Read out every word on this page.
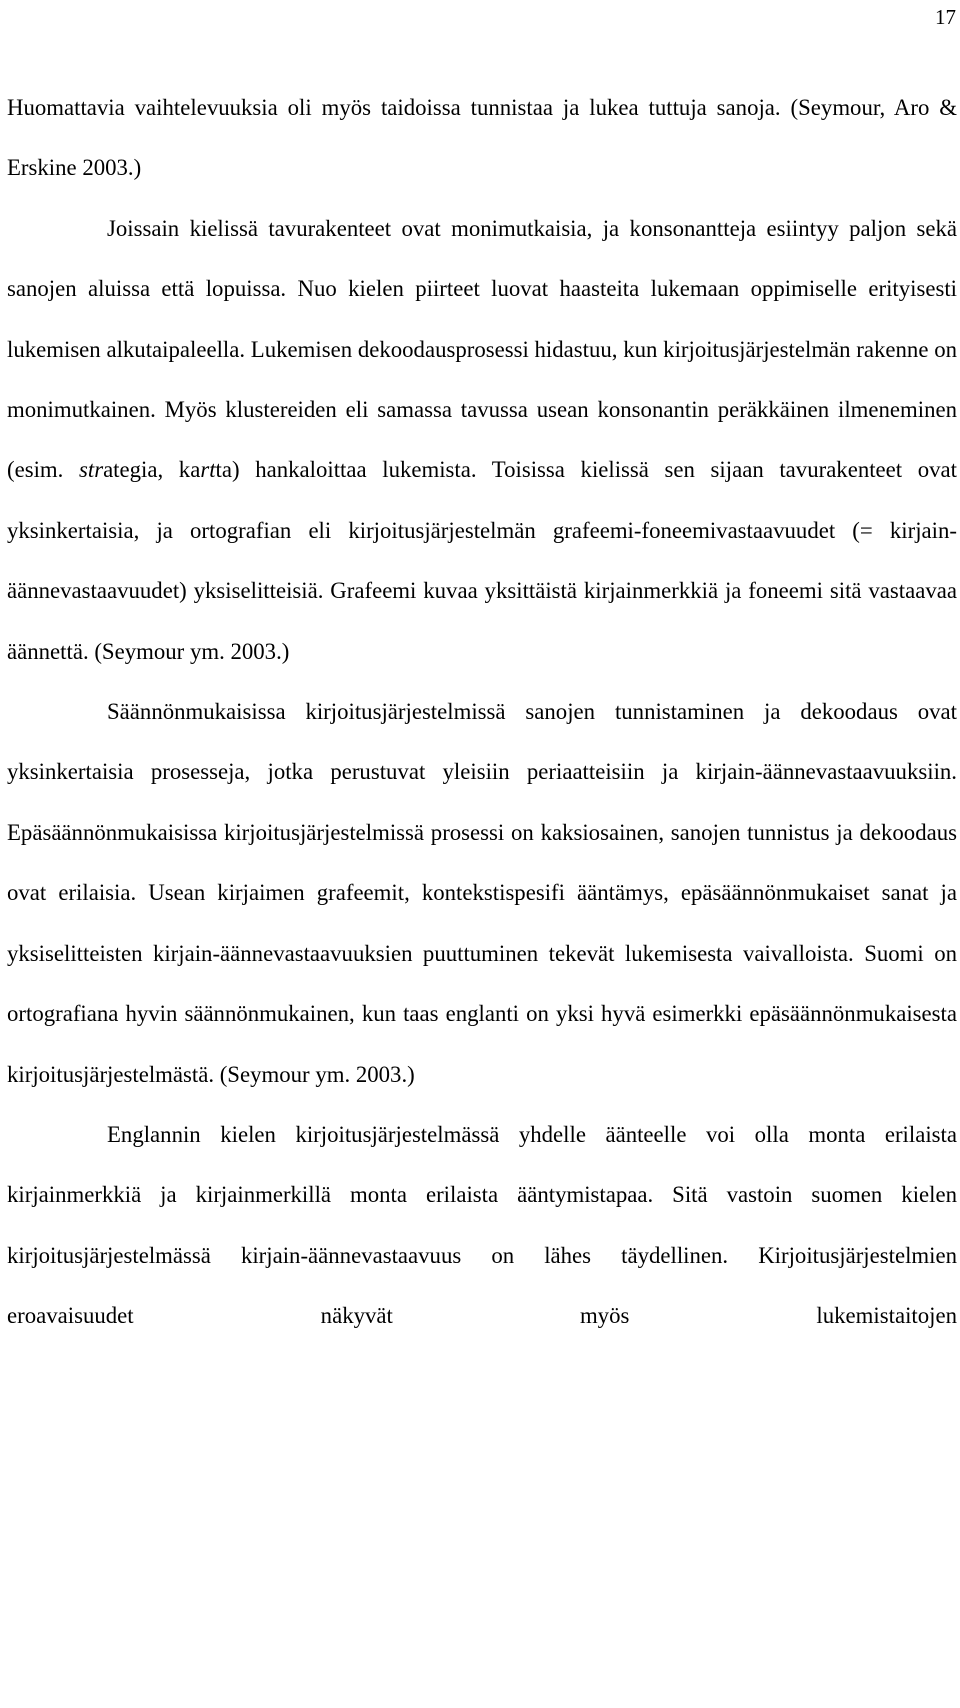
17

Huomattavia vaihtelevuuksia oli myös taidoissa tunnistaa ja lukea tuttuja sanoja. (Seymour, Aro & Erskine 2003.)

Joissain kielissä tavurakenteet ovat monimutkaisia, ja konsonantteja esiintyy paljon sekä sanojen aluissa että lopuissa. Nuo kielen piirteet luovat haasteita lukemaan oppimiselle erityisesti lukemisen alkutaipaleella. Lukemisen dekoodausprosessi hidastuu, kun kirjoitusjärjestelmän rakenne on monimutkainen. Myös klustereiden eli samassa tavussa usean konsonantin peräkkäinen ilmeneminen (esim. strategia, kartta) hankaloittaa lukemista. Toisissa kielissä sen sijaan tavurakenteet ovat yksinkertaisia, ja ortografian eli kirjoitusjärjestelmän grafeemi-foneemivastaavuudet (= kirjain-äännevastaavuudet) yksiselitteisiä. Grafeemi kuvaa yksittäistä kirjainmerkkiä ja foneemi sitä vastaavaa äännettä. (Seymour ym. 2003.)

Säännönmukaisissa kirjoitusjärjestelmissä sanojen tunnistaminen ja dekoodaus ovat yksinkertaisia prosesseja, jotka perustuvat yleisiin periaatteisiin ja kirjain-äännevastaavuuksiin. Epäsäännönmukaisissa kirjoitusjärjestelmissä prosessi on kaksiosainen, sanojen tunnistus ja dekoodaus ovat erilaisia. Usean kirjaimen grafeemit, kontekstispesifi ääntämys, epäsäännönmukaiset sanat ja yksiselitteisten kirjain-äännevastaavuuksien puuttuminen tekevät lukemisesta vaivalloista. Suomi on ortografiana hyvin säännönmukainen, kun taas englanti on yksi hyvä esimerkki epäsäännönmukaisesta kirjoitusjärjestelmästä. (Seymour ym. 2003.)

Englannin kielen kirjoitusjärjestelmässä yhdelle äänteelle voi olla monta erilaista kirjainmerkkiä ja kirjainmerkillä monta erilaista ääntymistapaa. Sitä vastoin suomen kielen kirjoitusjärjestelmässä kirjain-äännevastaavuus on lähes täydellinen. Kirjoitusjärjestelmien eroavaisuudet näkyvät myös lukemistaitojen
